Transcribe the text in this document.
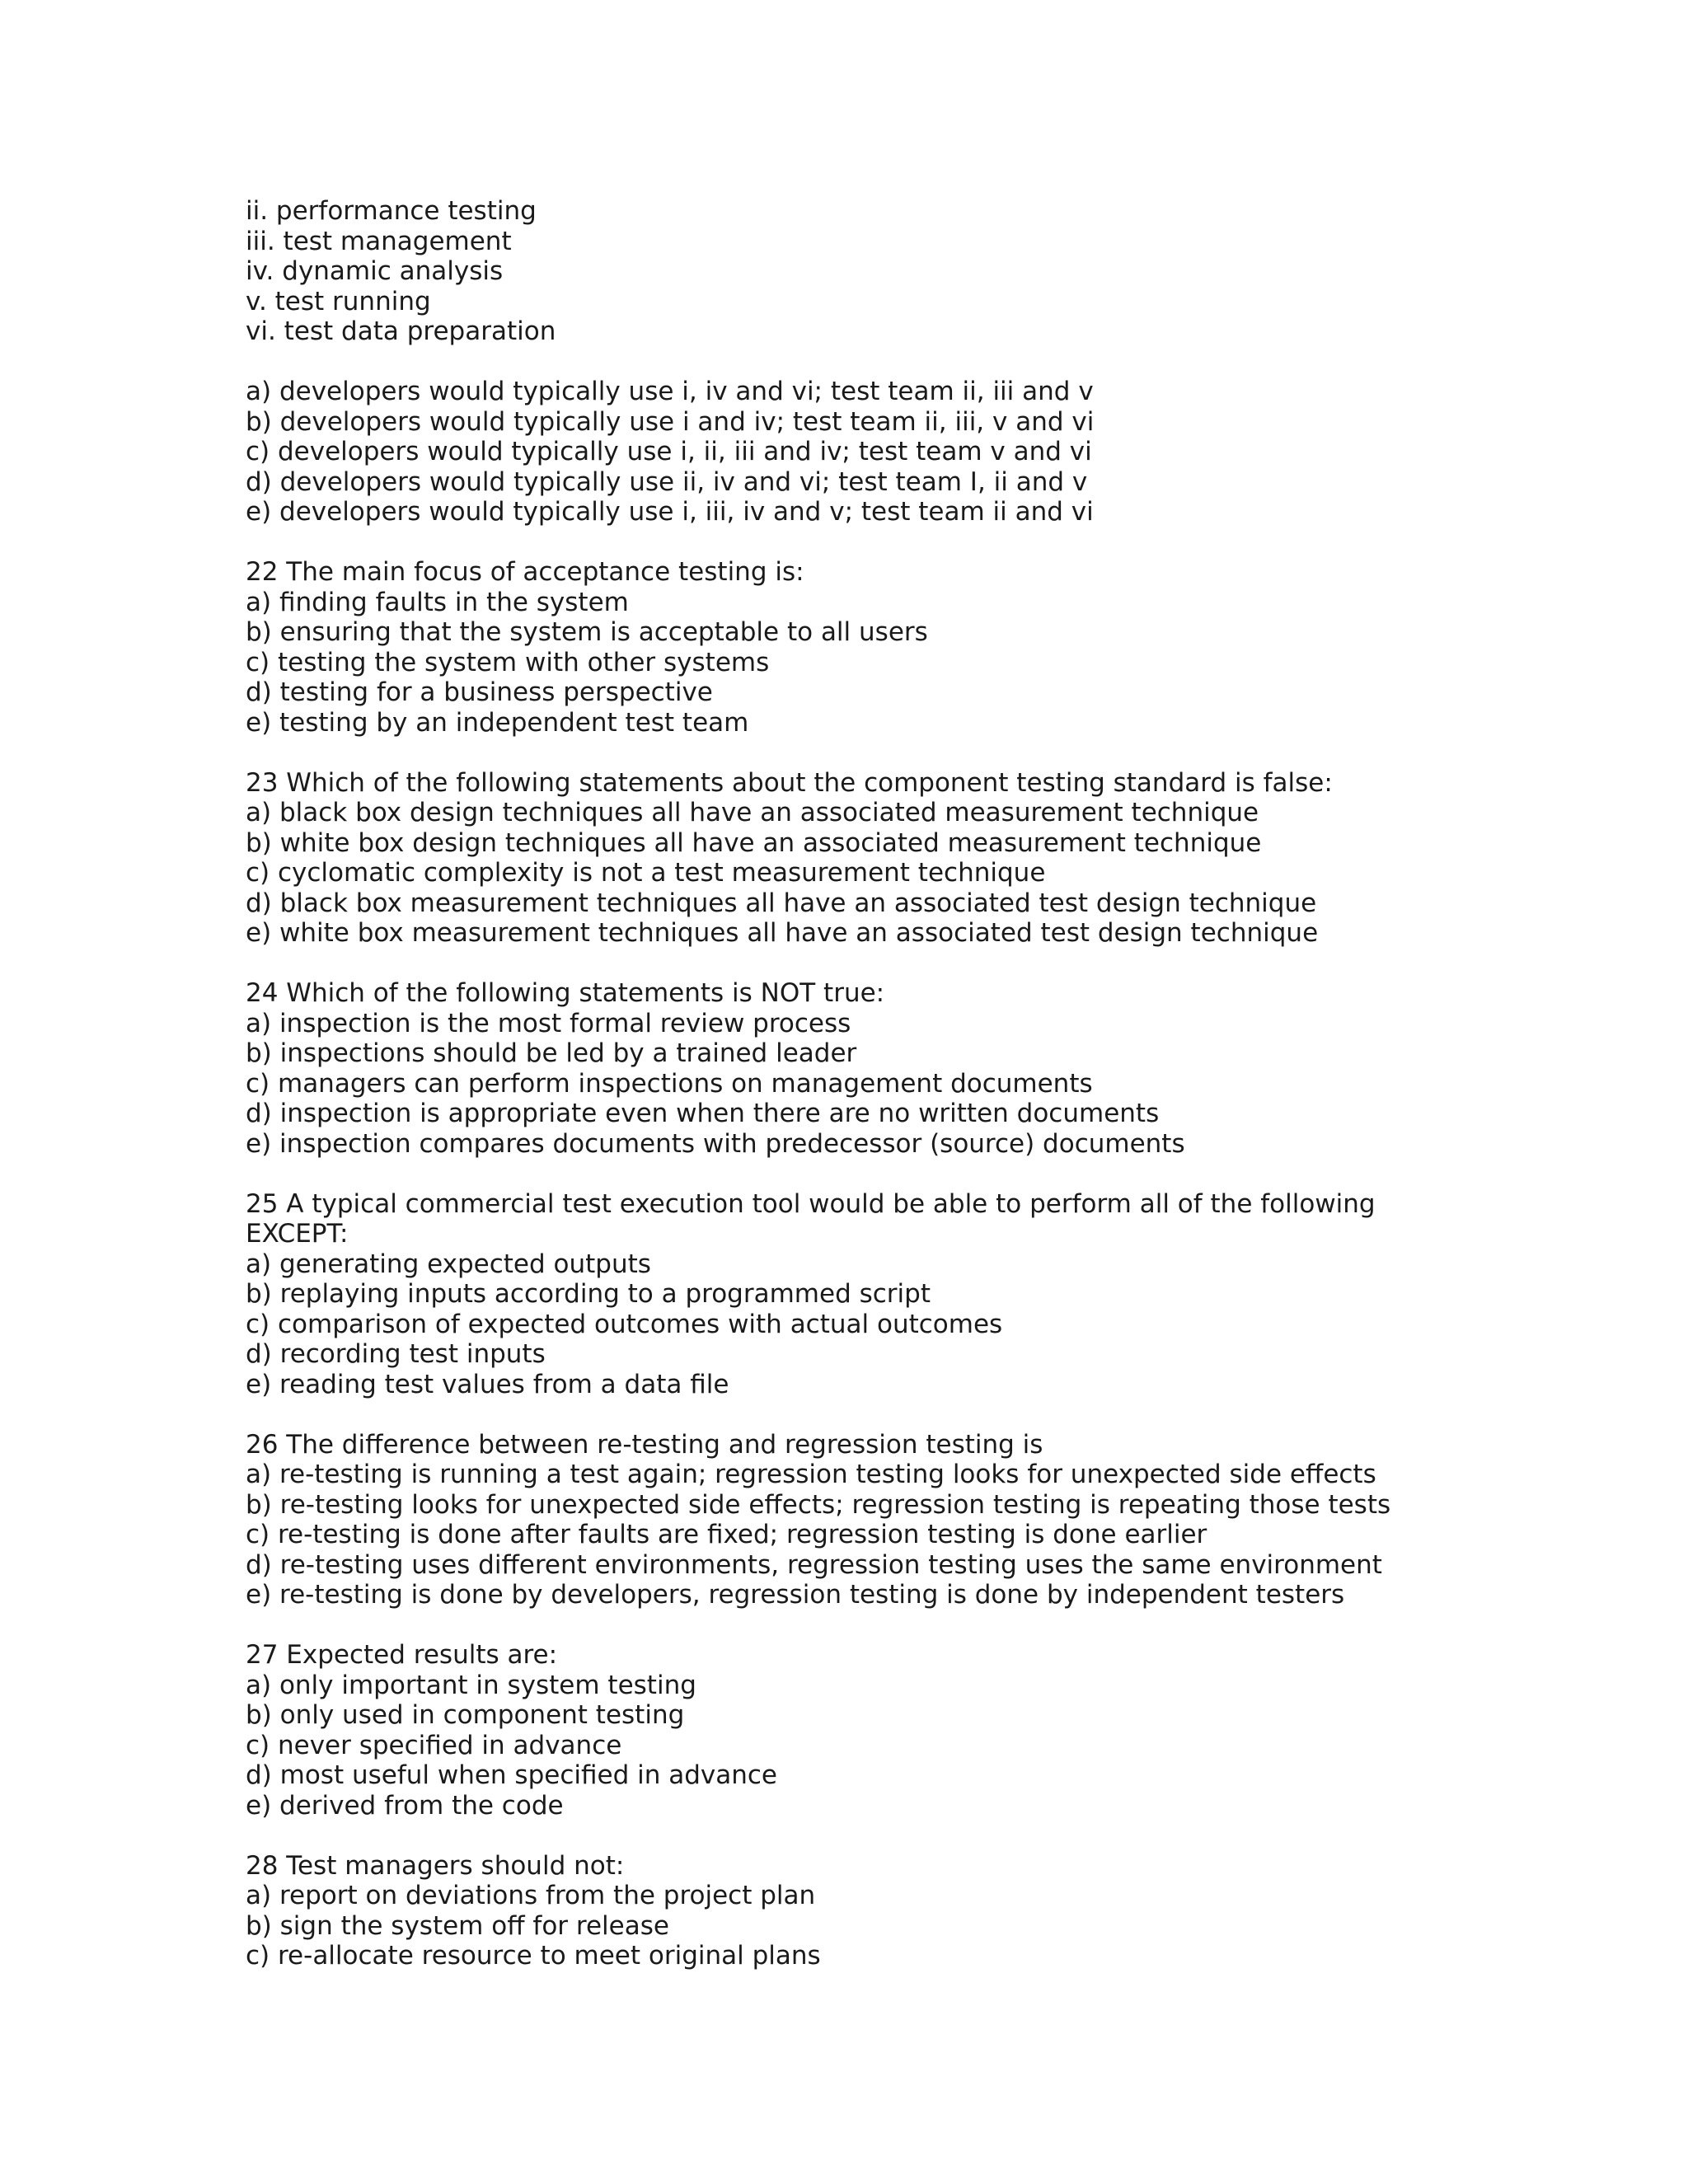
ii. performance testing
iii. test management
iv. dynamic analysis
v. test running
vi. test data preparation
a) developers would typically use i, iv and vi; test team ii, iii and v
b) developers would typically use i and iv; test team ii, iii, v and vi
c) developers would typically use i, ii, iii and iv; test team v and vi
d) developers would typically use ii, iv and vi; test team I, ii and v
e) developers would typically use i, iii, iv and v; test team ii and vi
22 The main focus of acceptance testing is:
a) finding faults in the system
b) ensuring that the system is acceptable to all users
c) testing the system with other systems
d) testing for a business perspective
e) testing by an independent test team
23 Which of the following statements about the component testing standard is false:
a) black box design techniques all have an associated measurement technique
b) white box design techniques all have an associated measurement technique
c) cyclomatic complexity is not a test measurement technique
d) black box measurement techniques all have an associated test design technique
e) white box measurement techniques all have an associated test design technique
24 Which of the following statements is NOT true:
a) inspection is the most formal review process
b) inspections should be led by a trained leader
c) managers can perform inspections on management documents
d) inspection is appropriate even when there are no written documents
e) inspection compares documents with predecessor (source) documents
25 A typical commercial test execution tool would be able to perform all of the following
EXCEPT:
a) generating expected outputs
b) replaying inputs according to a programmed script
c) comparison of expected outcomes with actual outcomes
d) recording test inputs
e) reading test values from a data file
26 The difference between re-testing and regression testing is
a) re-testing is running a test again; regression testing looks for unexpected side effects
b) re-testing looks for unexpected side effects; regression testing is repeating those tests
c) re-testing is done after faults are fixed; regression testing is done earlier
d) re-testing uses different environments, regression testing uses the same environment
e) re-testing is done by developers, regression testing is done by independent testers
27 Expected results are:
a) only important in system testing
b) only used in component testing
c) never specified in advance
d) most useful when specified in advance
e) derived from the code
28 Test managers should not:
a) report on deviations from the project plan
b) sign the system off for release
c) re-allocate resource to meet original plans
